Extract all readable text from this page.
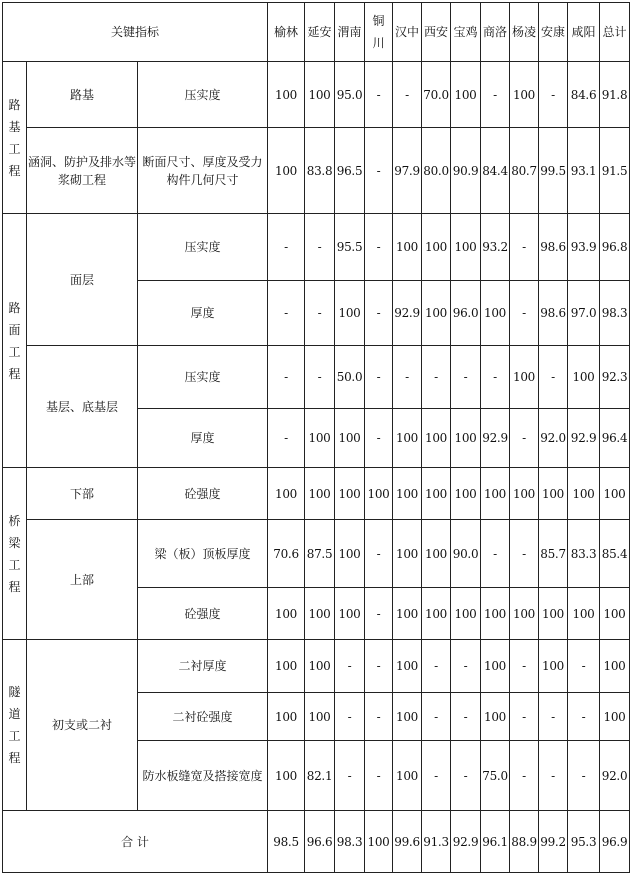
关键指标			榆林	延安	渭南	铜川	汉中	西安	宝鸡	商洛	杨凌	安康	咸阳	总计

路基工程	路基	压实度	100	100	95.0	-	-	70.0	100	-	100	-	84.6	91.8
	涵洞、防护及排水等浆砌工程	断面尺寸、厚度及受力构件几何尺寸	100	83.8	96.5	-	97.9	80.0	90.9	84.4	80.7	99.5	93.1	91.5

路面工程	面层	压实度	-	-	95.5	-	100	100	100	93.2	-	98.6	93.9	96.8
		厚度	-	-	100	-	92.9	100	96.0	100	-	98.6	97.0	98.3
	基层、底基层	压实度	-	-	50.0	-	-	-	-	-	100	-	100	92.3
		厚度	-	100	100	-	100	100	100	92.9	-	92.0	92.9	96.4

桥梁工程	下部	砼强度	100	100	100	100	100	100	100	100	100	100	100	100
	上部	梁（板）顶板厚度	70.6	87.5	100	-	100	100	90.0	-	-	85.7	83.3	85.4
		砼强度	100	100	100	-	100	100	100	100	100	100	100	100

隧道工程	初支或二衬	二衬厚度	100	100	-	-	100	-	-	100	-	100	-	100
		二衬砼强度	100	100	-	-	100	-	-	100	-	-	-	100
		防水板缝宽及搭接宽度	100	82.1	-	-	100	-	-	75.0	-	-	-	92.0
合 计			98.5	96.6	98.3	100	99.6	91.3	92.9	96.1	88.9	99.2	95.3	96.9
